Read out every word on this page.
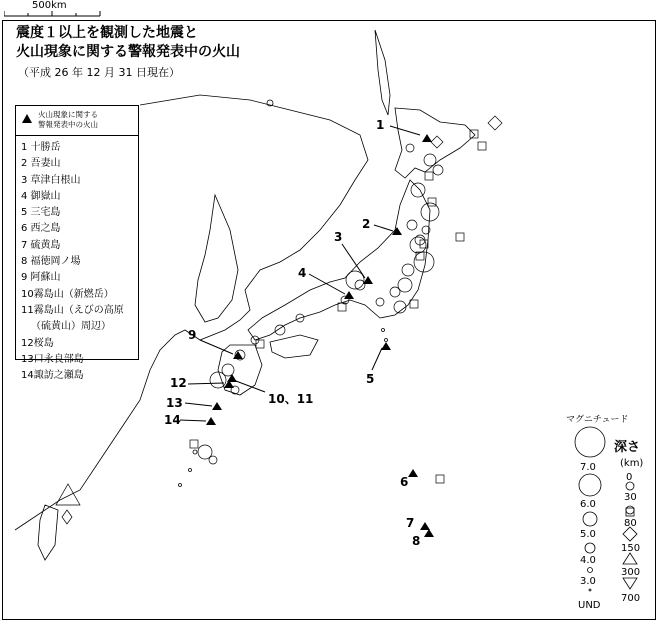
500km
震度１以上を観測した地震と
火山現象に関する警報発表中の火山
（平成 26 年 12 月 31 日現在）
火山現象に関する
警報発表中の火山
1 十勝岳
2 吾妻山
3 草津白根山
4 御嶽山
5 三宅島
6 西之島
7 硫黄島
8 福徳岡ノ場
9 阿蘇山
10霧島山（新燃岳）
11霧島山（えびの高原
（硫黄山）周辺）
12桜島
13口永良部島
14諏訪之瀬島
1
2
3
4
5
6
7
8
9
10、11
12
13
14	マグニチュード
7.0
6.0
5.0
4.0
3.0
UND
深さ
(km)
0
30
80
150
300
700
